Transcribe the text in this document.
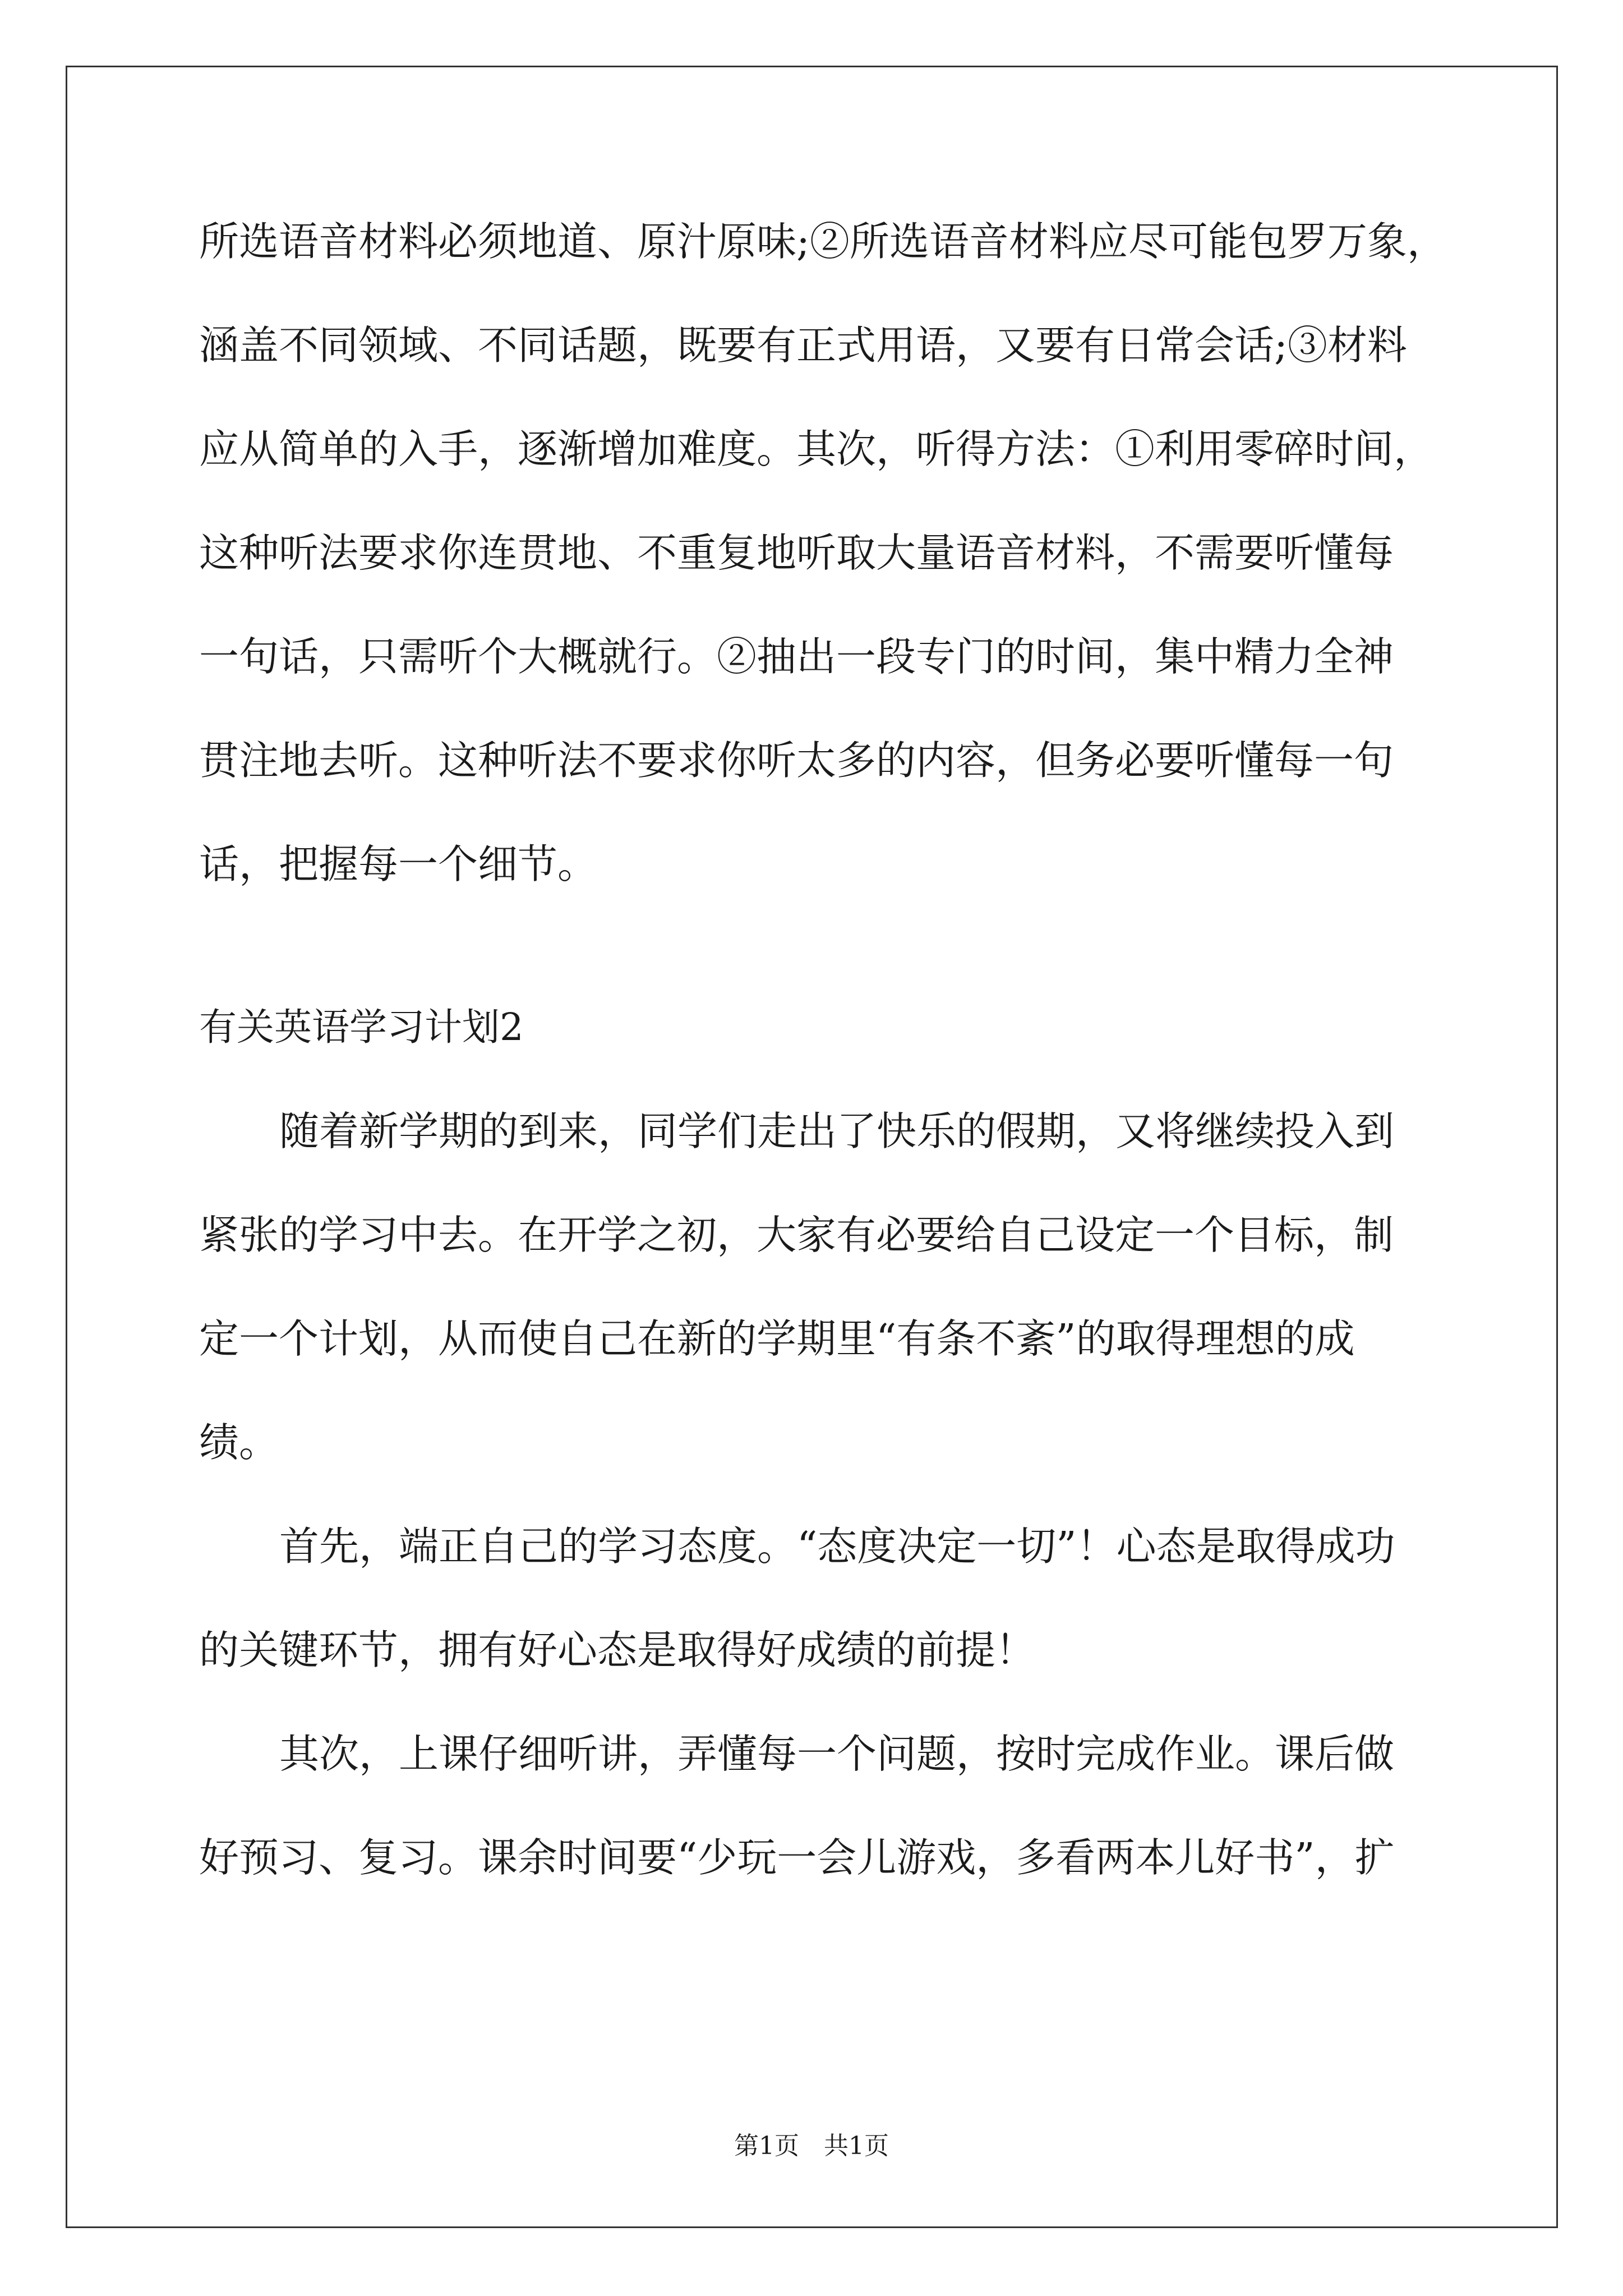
所选语音材料必须地道、原汁原味;②所选语音材料应尽可能包罗万象，
涵盖不同领域、不同话题，既要有正式用语，又要有日常会话;③材料
应从简单的入手，逐渐增加难度。其次，听得方法：①利用零碎时间，
这种听法要求你连贯地、不重复地听取大量语音材料，不需要听懂每
一句话，只需听个大概就行。②抽出一段专门的时间，集中精力全神
贯注地去听。这种听法不要求你听太多的内容，但务必要听懂每一句
话，把握每一个细节。
有关英语学习计划2
随着新学期的到来，同学们走出了快乐的假期，又将继续投入到
紧张的学习中去。在开学之初，大家有必要给自己设定一个目标，制
定一个计划，从而使自己在新的学期里“有条不紊”的取得理想的成
绩。
首先，端正自己的学习态度。“态度决定一切”！心态是取得成功
的关键环节，拥有好心态是取得好成绩的前提！
其次，上课仔细听讲，弄懂每一个问题，按时完成作业。课后做
好预习、复习。课余时间要“少玩一会儿游戏，多看两本儿好书”，扩
第1页 共1页
